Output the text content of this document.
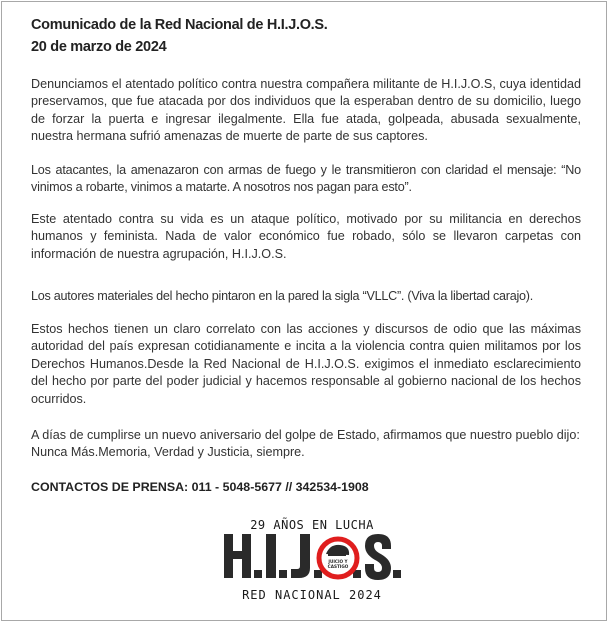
Comunicado de la Red Nacional de H.I.J.O.S.
20 de marzo de 2024
Denunciamos el atentado político contra nuestra compañera militante de H.I.J.O.S, cuya identidad preservamos, que fue atacada por dos individuos que la esperaban dentro de su domicilio, luego de forzar la puerta e ingresar ilegalmente. Ella fue atada, golpeada, abusada sexualmente, nuestra hermana sufrió amenazas de muerte de parte de sus captores.
Los atacantes, la amenazaron con armas de fuego y le transmitieron con claridad el mensaje: “No vinimos a robarte, vinimos a matarte. A nosotros nos pagan para esto”.
Este atentado contra su vida es un ataque político, motivado por su militancia en derechos humanos y feminista. Nada de valor económico fue robado, sólo se llevaron carpetas con información de nuestra agrupación, H.I.J.O.S.
Los autores materiales del hecho pintaron en la pared la sigla “VLLC”. (Viva la libertad carajo).
Estos hechos tienen un claro correlato con las acciones y discursos de odio que las máximas autoridad del país expresan cotidianamente e incita a la violencia contra quien militamos por los Derechos Humanos.Desde la Red Nacional de H.I.J.O.S. exigimos el inmediato esclarecimiento del hecho por parte del poder judicial y hacemos responsable al gobierno nacional de los hechos ocurridos.
A días de cumplirse un nuevo aniversario del golpe de Estado, afirmamos que nuestro pueblo dijo: Nunca Más.Memoria, Verdad y Justicia, siempre.
CONTACTOS DE PRENSA: 011 - 5048-5677 // 342534-1908
29 AÑOS EN LUCHA
JUICIO Y
CASTIGO
RED NACIONAL 2024
